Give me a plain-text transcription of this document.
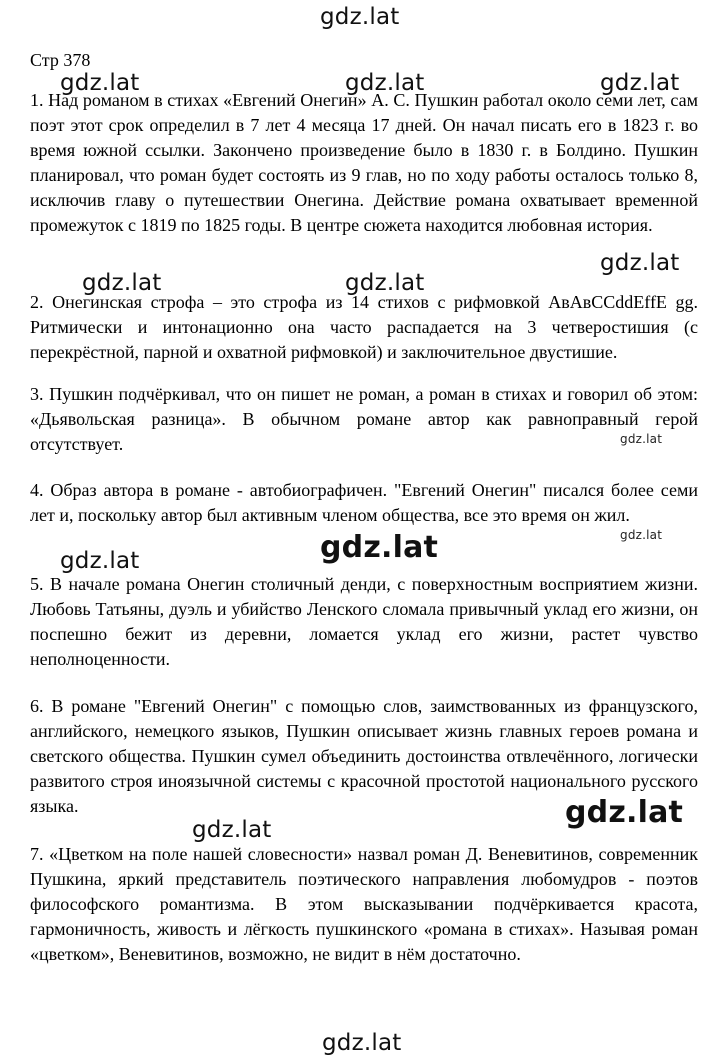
gdz.lat
gdz.lat	gdz.lat	gdz.lat
gdz.lat	gdz.lat
gdz.lat
gdz.lat
gdz.lat
gdz.lat	gdz.lat
gdz.lat
gdz.lat
gdz.lat
Стр 378
1. Над романом в стихах «Евгений Онегин» А. С. Пушкин работал около семи лет, сам поэт этот срок определил в 7 лет 4 месяца 17 дней. Он начал писать его в 1823 г. во время южной ссылки. Закончено произведение было в 1830 г. в Болдино. Пушкин планировал, что роман будет состоять из 9 глав, но по ходу работы осталось только 8, исключив главу о путешествии Онегина. Действие романа охватывает временной промежуток с 1819 по 1825 годы. В центре сюжета находится любовная история.
2. Онегинская строфа – это строфа из 14 стихов с рифмовкой АвАвССddEffE gg. Ритмически и интонационно она часто распадается на 3 четверостишия (с перекрёстной, парной и охватной рифмовкой) и заключительное двустишие.
3. Пушкин подчёркивал, что он пишет не роман, а роман в стихах и говорил об этом: «Дьявольская разница». В обычном романе автор как равноправный герой отсутствует.
4. Образ автора в романе - автобиографичен. "Евгений Онегин" писался более семи лет и, поскольку автор был активным членом общества, все это время он жил.
5. В начале романа Онегин столичный денди, с поверхностным восприятием жизни. Любовь Татьяны, дуэль и убийство Ленского сломала привычный уклад его жизни, он поспешно бежит из деревни, ломается уклад его жизни, растет чувство неполноценности.
6. В романе "Евгений Онегин" с помощью слов, заимствованных из французского, английского, немецкого языков, Пушкин описывает жизнь главных героев романа и светского общества. Пушкин сумел объединить достоинства отвлечённого, логически развитого строя иноязычной системы с красочной простотой национального русского языка.
7. «Цветком на поле нашей словесности» назвал роман Д. Веневитинов, современник Пушкина, яркий представитель поэтического направления любомудров - поэтов философского романтизма. В этом высказывании подчёркивается красота, гармоничность, живость и лёгкость пушкинского «романа в стихах». Называя роман «цветком», Веневитинов, возможно, не видит в нём достаточно.
